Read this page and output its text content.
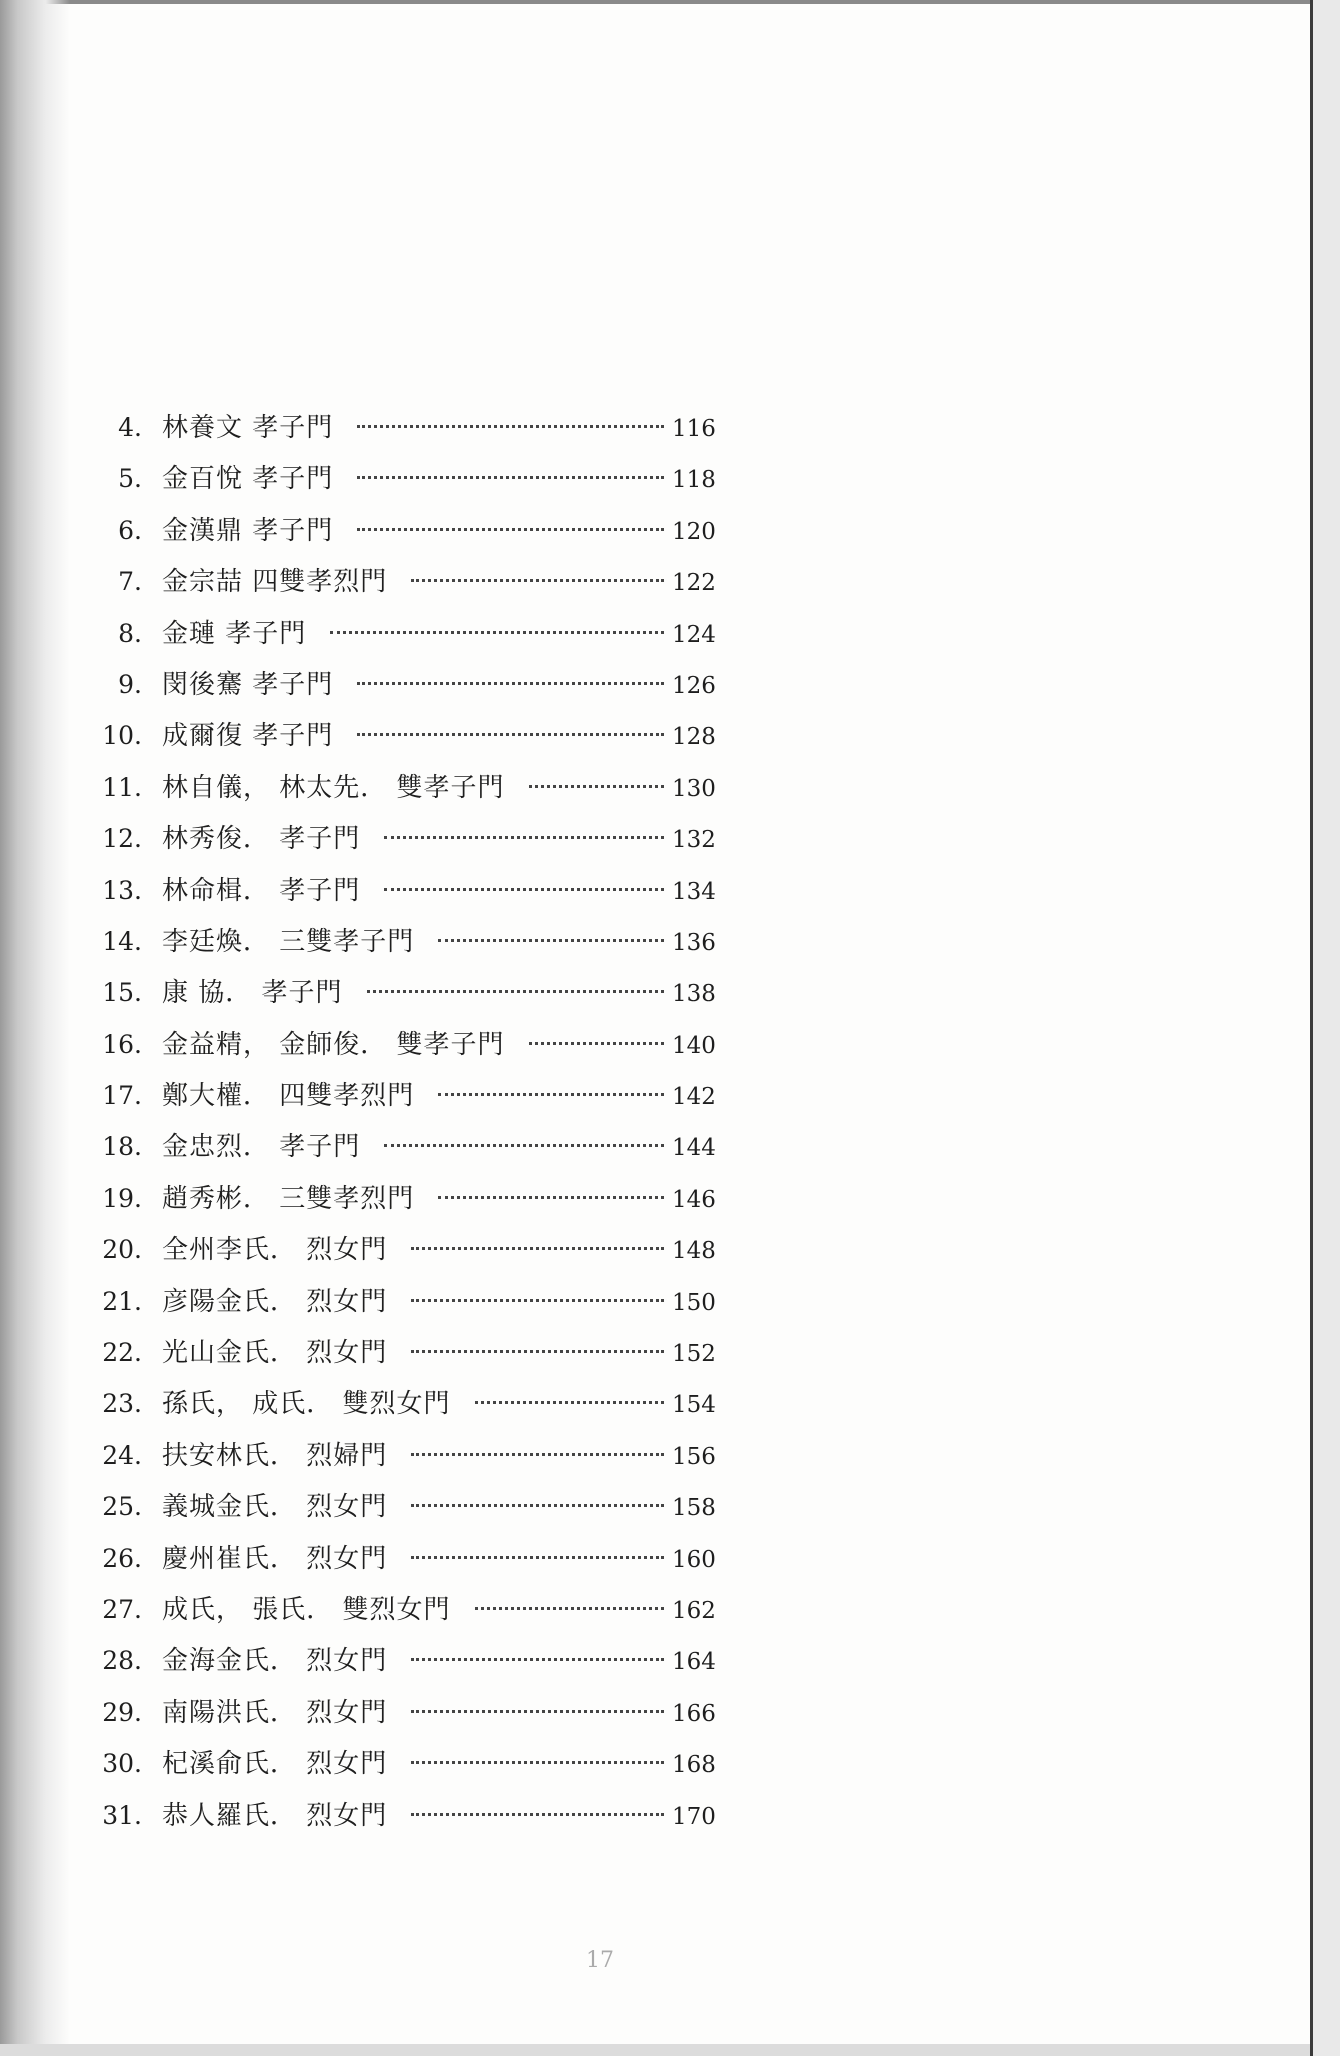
4. 林養文 孝子門	116
5. 金百悅 孝子門	118
6. 金漢鼎 孝子門	120
7. 金宗喆 四雙孝烈門	122
8. 金璉 孝子門	124
9. 閔後騫 孝子門	126
10. 成爾復 孝子門	128
11. 林自儀， 林太先． 雙孝子門	130
12. 林秀俊． 孝子門	132
13. 林命楫． 孝子門	134
14. 李廷煥． 三雙孝子門	136
15. 康 協． 孝子門	138
16. 金益精， 金師俊． 雙孝子門	140
17. 鄭大權． 四雙孝烈門	142
18. 金忠烈． 孝子門	144
19. 趙秀彬． 三雙孝烈門	146
20. 全州李氏． 烈女門	148
21. 彦陽金氏． 烈女門	150
22. 光山金氏． 烈女門	152
23. 孫氏， 成氏． 雙烈女門	154
24. 扶安林氏． 烈婦門	156
25. 義城金氏． 烈女門	158
26. 慶州崔氏． 烈女門	160
27. 成氏， 張氏． 雙烈女門	162
28. 金海金氏． 烈女門	164
29. 南陽洪氏． 烈女門	166
30. 杞溪俞氏． 烈女門	168
31. 恭人羅氏． 烈女門	170
17
